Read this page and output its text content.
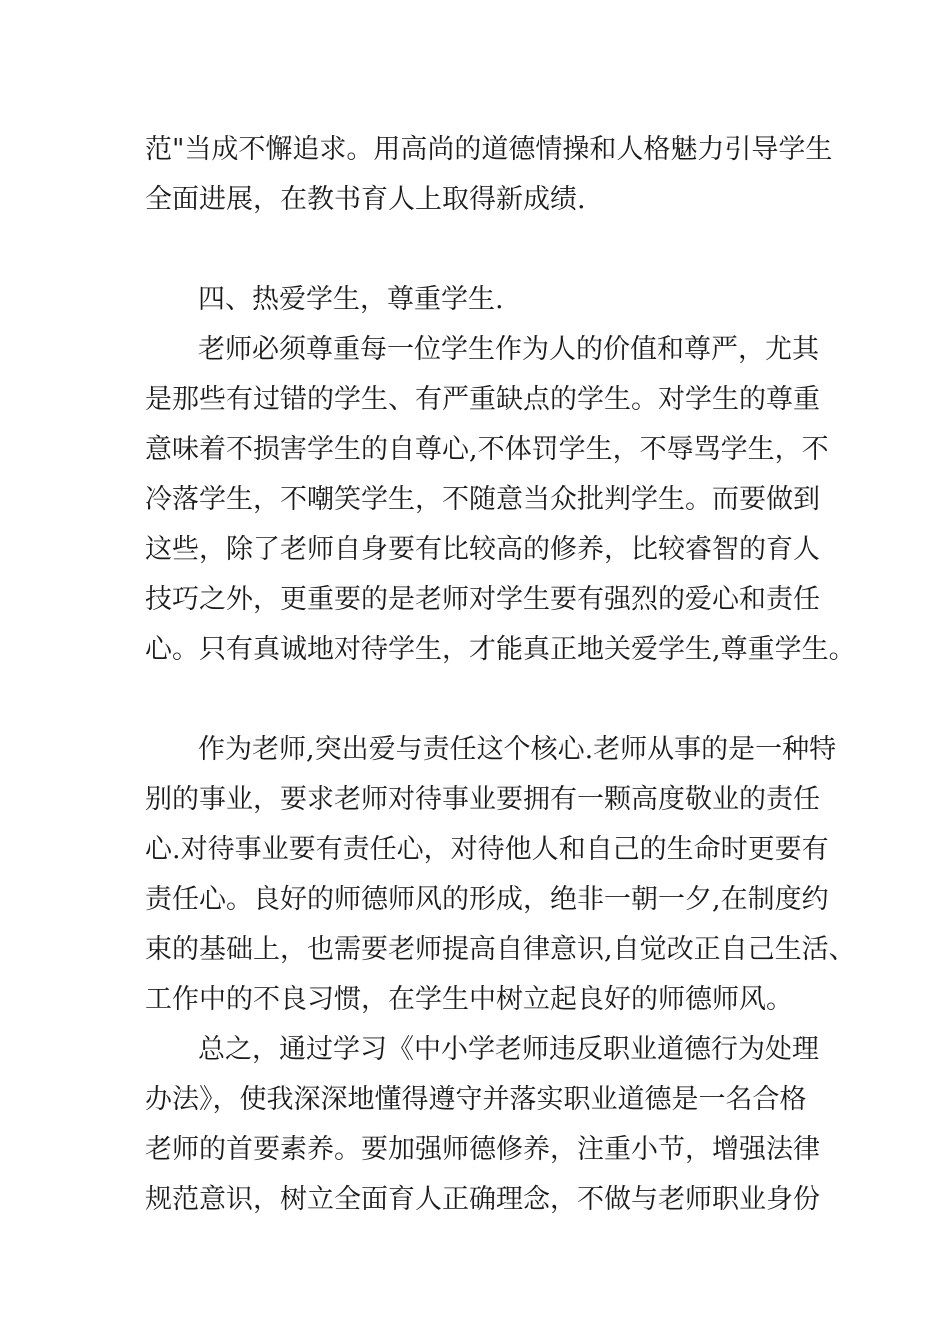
范"当成不懈追求。用高尚的道德情操和人格魅力引导学生

全面进展，在教书育人上取得新成绩.

四、热爱学生，尊重学生.

老师必须尊重每一位学生作为人的价值和尊严，尤其

是那些有过错的学生、有严重缺点的学生。对学生的尊重

意味着不损害学生的自尊心,不体罚学生，不辱骂学生，不

冷落学生，不嘲笑学生，不随意当众批判学生。而要做到

这些，除了老师自身要有比较高的修养，比较睿智的育人

技巧之外，更重要的是老师对学生要有强烈的爱心和责任

心。只有真诚地对待学生，才能真正地关爱学生,尊重学生。

作为老师,突出爱与责任这个核心.老师从事的是一种特

别的事业，要求老师对待事业要拥有一颗高度敬业的责任

心.对待事业要有责任心，对待他人和自己的生命时更要有

责任心。良好的师德师风的形成，绝非一朝一夕,在制度约

束的基础上，也需要老师提高自律意识,自觉改正自己生活、

工作中的不良习惯，在学生中树立起良好的师德师风。

总之，通过学习《中小学老师违反职业道德行为处理

办法》，使我深深地懂得遵守并落实职业道德是一名合格

老师的首要素养。要加强师德修养，注重小节，增强法律

规范意识，树立全面育人正确理念，不做与老师职业身份
